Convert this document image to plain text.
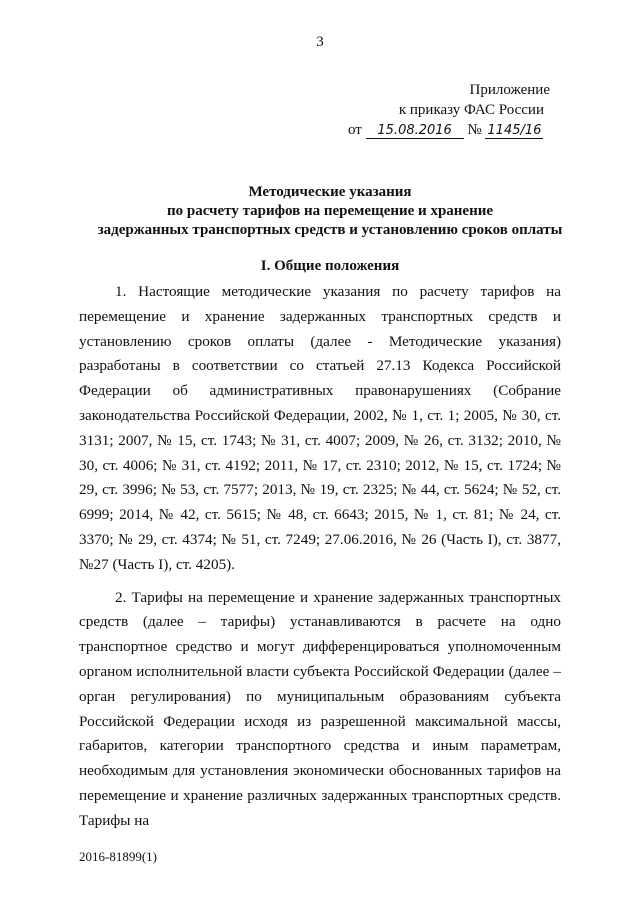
3
Приложение
к приказу ФАС России
от 15.08.2016 № 1145/16
Методические указания
по расчету тарифов на перемещение и хранение
задержанных транспортных средств и установлению сроков оплаты
I. Общие положения

1. Настоящие методические указания по расчету тарифов на перемещение и хранение задержанных транспортных средств и установлению сроков оплаты (далее - Методические указания) разработаны в соответствии со статьей 27.13 Кодекса Российской Федерации об административных правонарушениях (Собрание законодательства Российской Федерации, 2002, № 1, ст. 1; 2005, № 30, ст. 3131; 2007, № 15, ст. 1743; № 31, ст. 4007; 2009, № 26, ст. 3132; 2010, № 30, ст. 4006; № 31, ст. 4192; 2011, № 17, ст. 2310; 2012, № 15, ст. 1724; № 29, ст. 3996; № 53, ст. 7577; 2013, № 19, ст. 2325; № 44, ст. 5624; № 52, ст. 6999; 2014, № 42, ст. 5615; № 48, ст. 6643; 2015, № 1, ст. 81; № 24, ст. 3370; № 29, ст. 4374; № 51, ст. 7249; 27.06.2016, № 26 (Часть I), ст. 3877, №27 (Часть I), ст. 4205).

2. Тарифы на перемещение и хранение задержанных транспортных средств (далее – тарифы) устанавливаются в расчете на одно транспортное средство и могут дифференцироваться уполномоченным органом исполнительной власти субъекта Российской Федерации (далее – орган регулирования) по муниципальным образованиям субъекта Российской Федерации исходя из разрешенной максимальной массы, габаритов, категории транспортного средства и иным параметрам, необходимым для установления экономически обоснованных тарифов на перемещение и хранение различных задержанных транспортных средств. Тарифы на

2016-81899(1)
